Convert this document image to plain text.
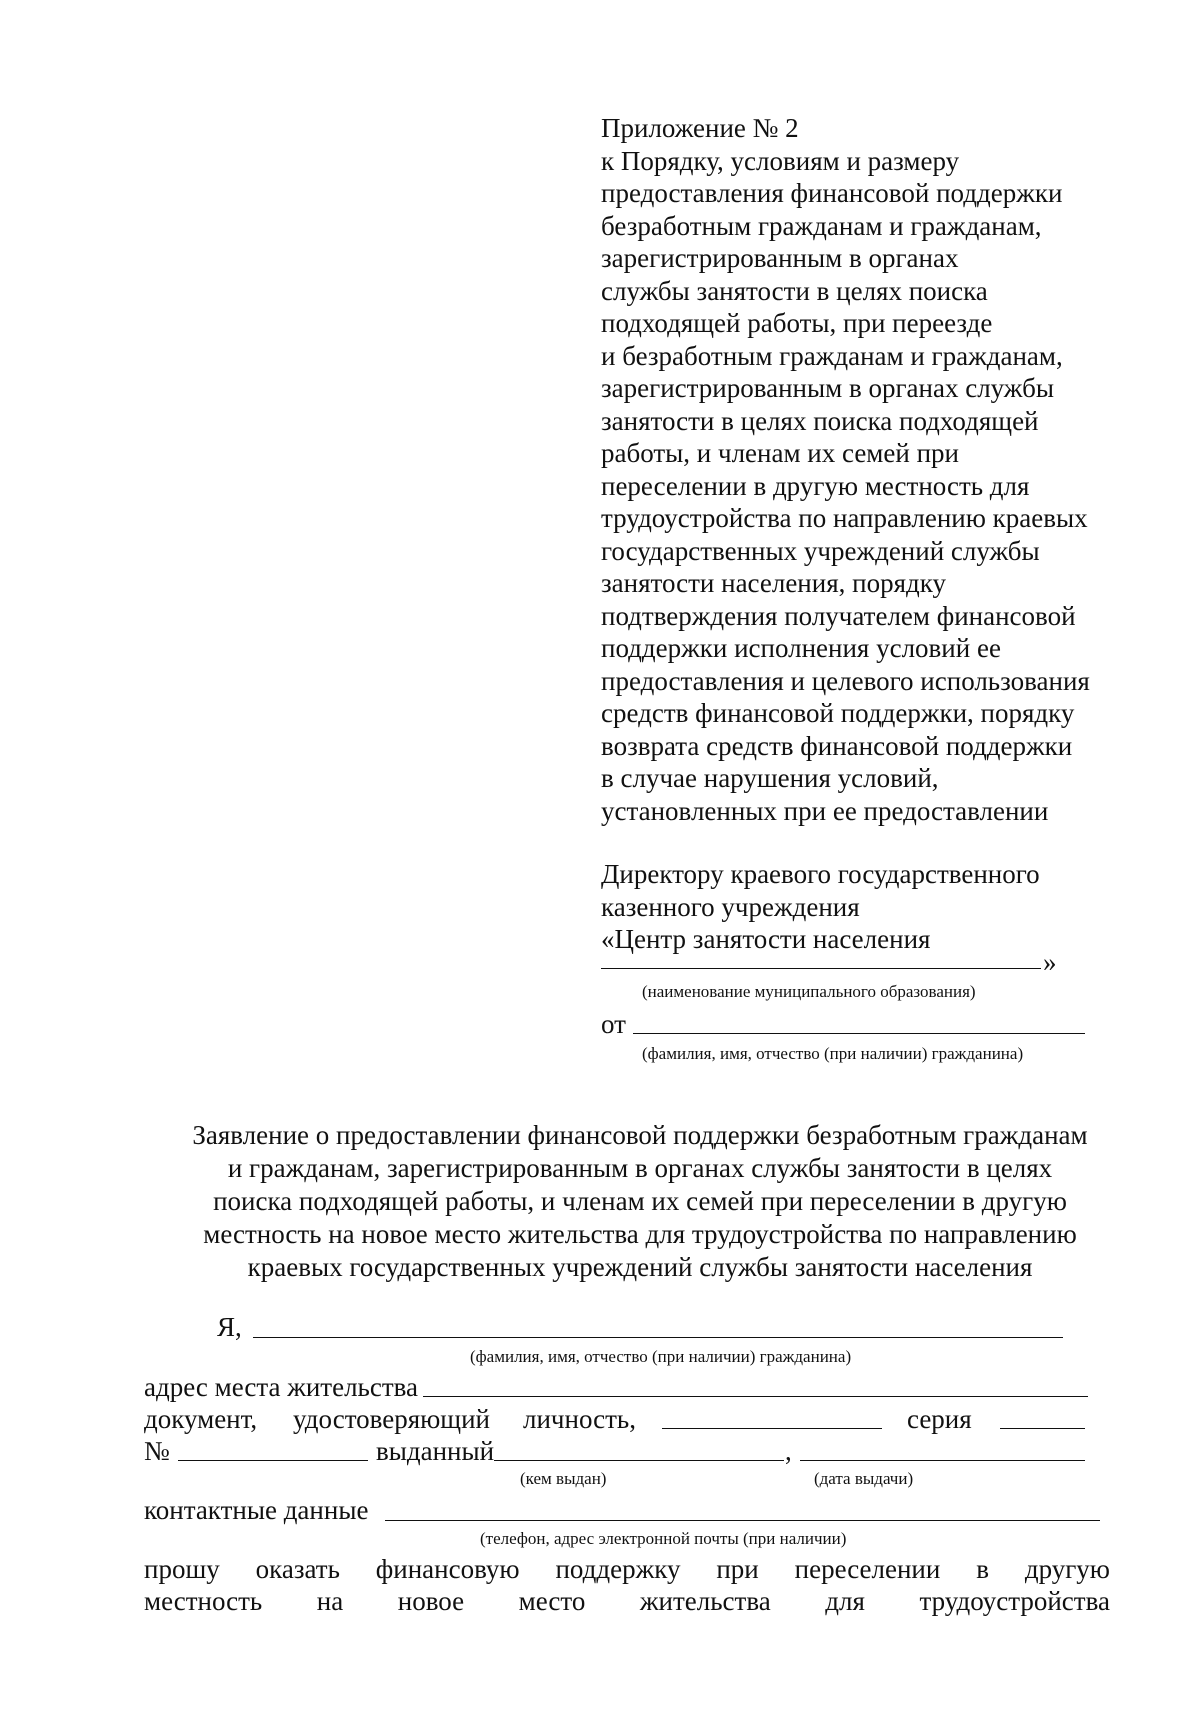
Приложение № 2
к Порядку, условиям и размеру
предоставления финансовой поддержки
безработным гражданам и гражданам,
зарегистрированным в органах
службы занятости в целях поиска
подходящей работы, при переезде
и безработным гражданам и гражданам,
зарегистрированным в органах службы
занятости в целях поиска подходящей
работы, и членам их семей при
переселении в другую местность для
трудоустройства по направлению краевых
государственных учреждений службы
занятости населения, порядку
подтверждения получателем финансовой
поддержки исполнения условий ее
предоставления и целевого использования
средств финансовой поддержки, порядку
возврата средств финансовой поддержки
в случае нарушения условий,
установленных при ее предоставлении
Директору краевого государственного
казенного учреждения
«Центр занятости населения
»
(наименование муниципального образования)
от
(фамилия, имя, отчество (при наличии) гражданина)
Заявление о предоставлении финансовой поддержки безработным гражданам
и гражданам, зарегистрированным в органах службы занятости в целях
поиска подходящей работы, и членам их семей при переселении в другую
местность на новое место жительства для трудоустройства по направлению
краевых государственных учреждений службы занятости населения
Я,
(фамилия, имя, отчество (при наличии) гражданина)
адрес места жительства
документ, удостоверяющий личность,	серия
№	выданный	,
(кем выдан)	(дата выдачи)
контактные данные
(телефон, адрес электронной почты (при наличии)
прошу оказать финансовую поддержку при переселении в другую
местность на новое место жительства для трудоустройства
